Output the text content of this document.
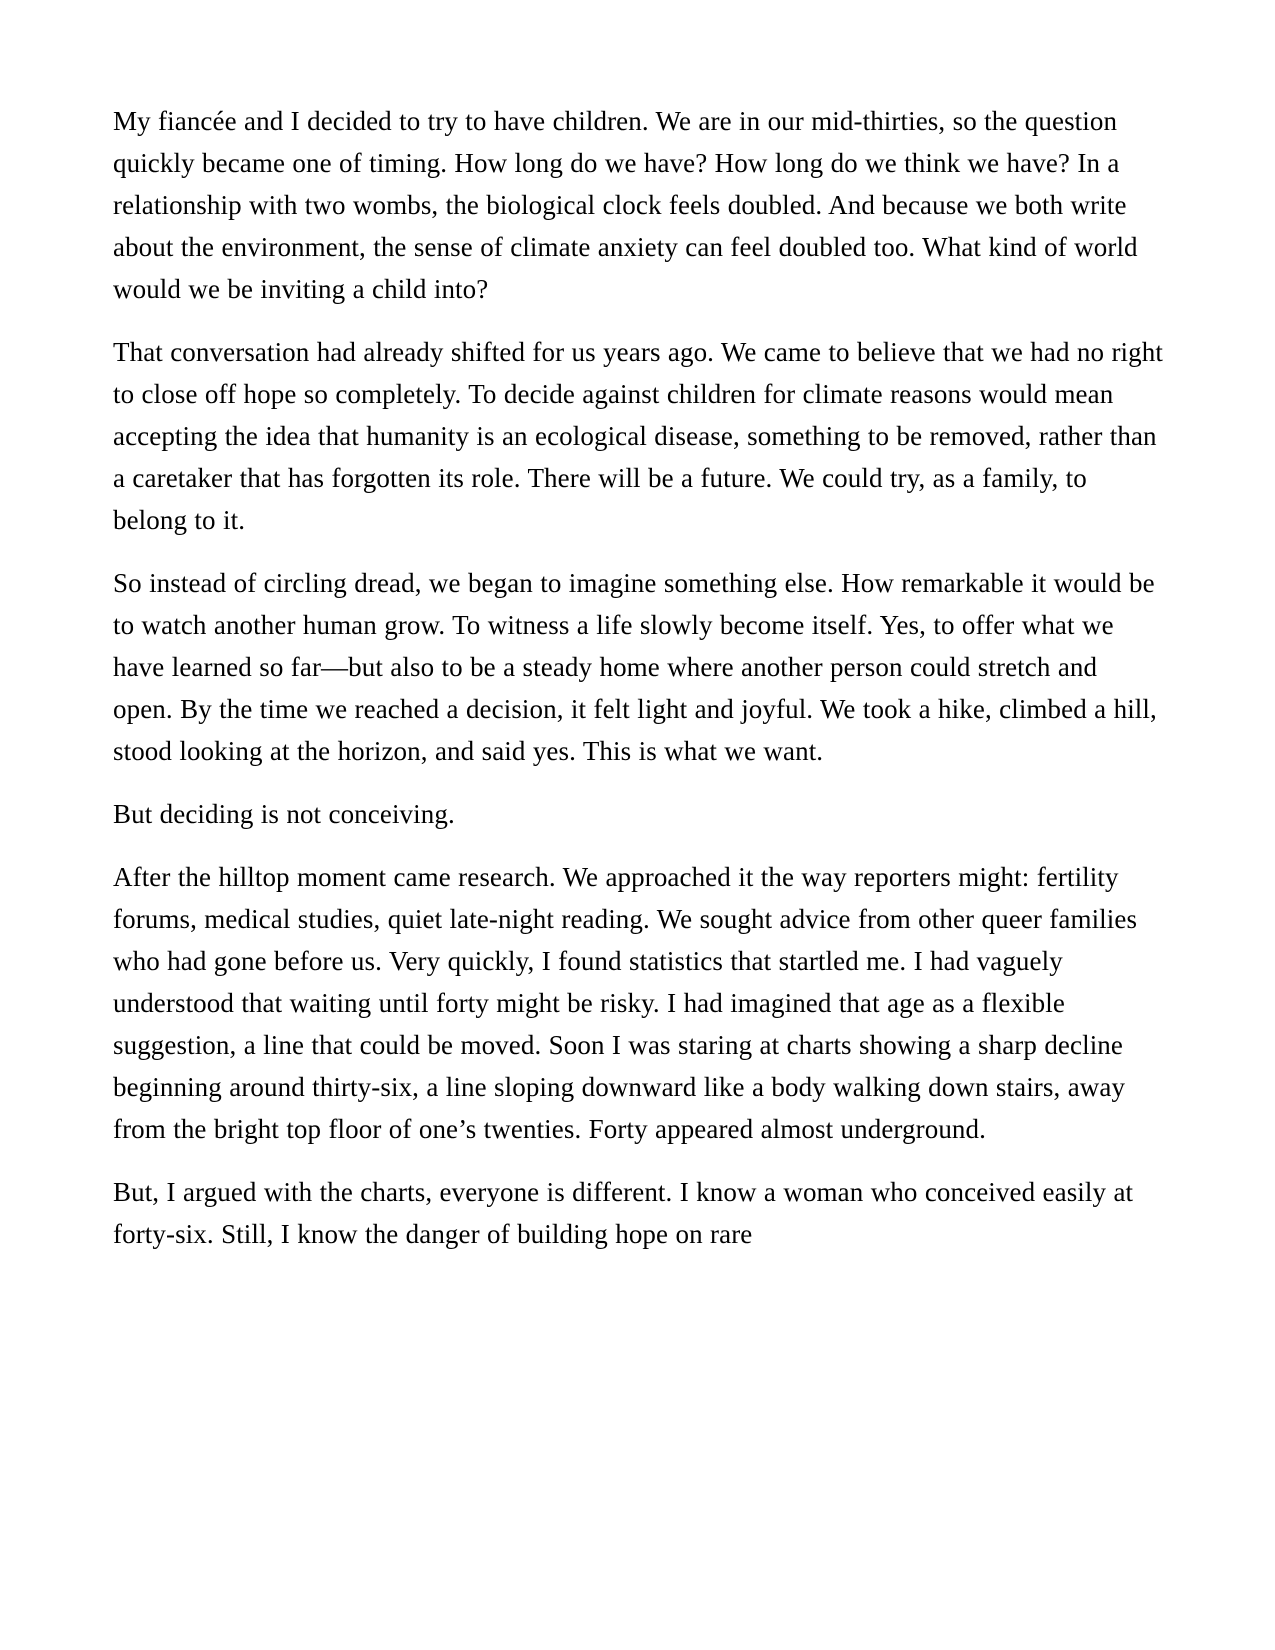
My fiancée and I decided to try to have children. We are in our mid-thirties, so the question quickly became one of timing. How long do we have? How long do we think we have? In a relationship with two wombs, the biological clock feels doubled. And because we both write about the environment, the sense of climate anxiety can feel doubled too. What kind of world would we be inviting a child into?

That conversation had already shifted for us years ago. We came to believe that we had no right to close off hope so completely. To decide against children for climate reasons would mean accepting the idea that humanity is an ecological disease, something to be removed, rather than a caretaker that has forgotten its role. There will be a future. We could try, as a family, to belong to it.

So instead of circling dread, we began to imagine something else. How remarkable it would be to watch another human grow. To witness a life slowly become itself. Yes, to offer what we have learned so far—but also to be a steady home where another person could stretch and open. By the time we reached a decision, it felt light and joyful. We took a hike, climbed a hill, stood looking at the horizon, and said yes. This is what we want.

But deciding is not conceiving.

After the hilltop moment came research. We approached it the way reporters might: fertility forums, medical studies, quiet late-night reading. We sought advice from other queer families who had gone before us. Very quickly, I found statistics that startled me. I had vaguely understood that waiting until forty might be risky. I had imagined that age as a flexible suggestion, a line that could be moved. Soon I was staring at charts showing a sharp decline beginning around thirty-six, a line sloping downward like a body walking down stairs, away from the bright top floor of one’s twenties. Forty appeared almost underground.

But, I argued with the charts, everyone is different. I know a woman who conceived easily at forty-six. Still, I know the danger of building hope on rare
